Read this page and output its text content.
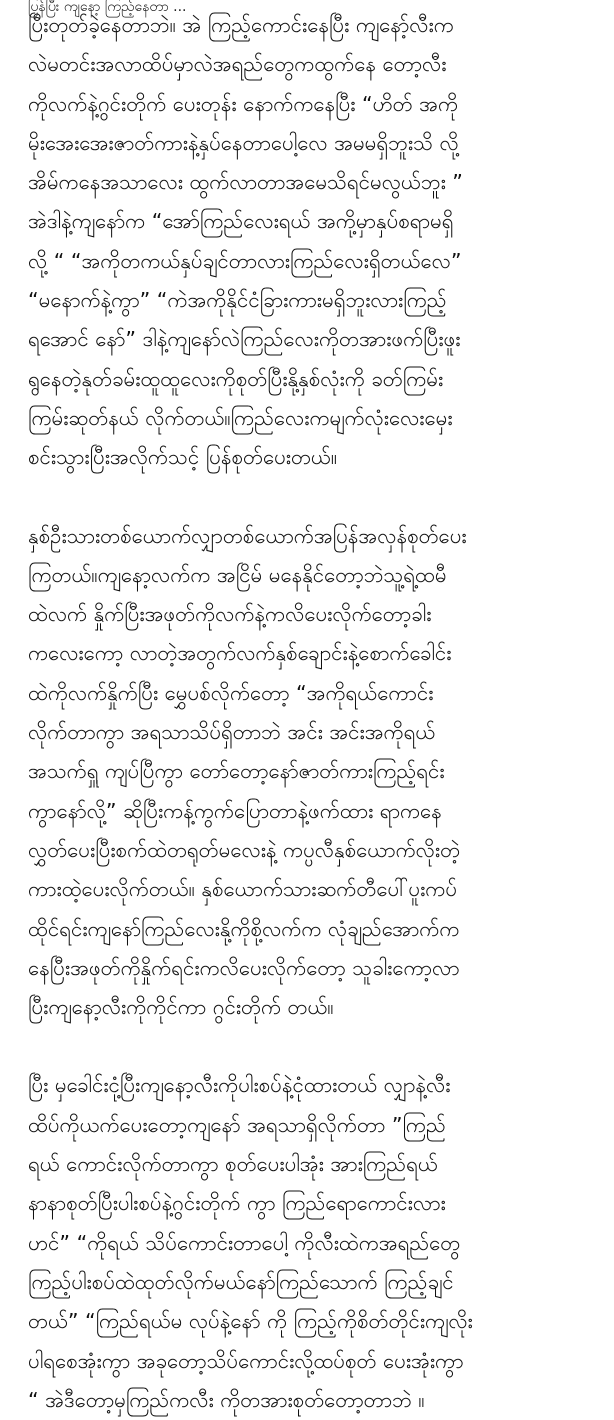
ပြန်ပြီး ကျနော့ ကြည့်နေတာ ...
ပြီးတုတ်ခဲ့နေတာဘဲ။ အဲ ကြည့်ကောင်းနေပြီး ကျနော့်လီးက
လဲမတင်းအလာထိပ်မှာလဲအရည်တွေကထွက်နေ တော့လီး
ကိုလက်နဲ့ဂွင်းတိုက် ပေးတုန်း နောက်ကနေပြီး “ဟိတ် အကို
မိုးအေးအေးဇာတ်ကားနဲ့နှပ်နေတာပေါ့လေ အမမရှိဘူးသိ လို့
အိမ်ကနေအသာလေး ထွက်လာတာအမေသိရင်မလွယ်ဘူး ”
အဲဒါနဲ့ကျနော်က “အော်ကြည်လေးရယ် အကို့မှာနှပ်စရာမရှိ
လို့ “ “အကိုတကယ်နှပ်ချင်တာလားကြည်လေးရှိတယ်လေ”
“မနောက်နဲ့ကွာ” “ကဲအကိုနိုင်ငံခြားကားမရှိဘူးလားကြည့်
ရအောင် နော်” ဒါနဲ့ကျနော်လဲကြည်လေးကိုတအားဖက်ပြီးဖူး
ရွနေတဲ့နုတ်ခမ်းထူထူလေးကိုစုတ်ပြီးနို့နှစ်လုံးကို ခတ်ကြမ်း
ကြမ်းဆုတ်နယ် လိုက်တယ်။ကြည်လေးကမျက်လုံးလေးမှေး
စင်းသွားပြီးအလိုက်သင့် ပြန်စုတ်ပေးတယ်။
နှစ်ဦးသားတစ်ယောက်လျှာတစ်ယောက်အပြန်အလှန်စုတ်ပေး
ကြတယ်။ကျနော့လက်က အငြိမ် မနေနိုင်တော့ဘဲသူ့ရဲ့ထမီ
ထဲလက် နှိုက်ပြီးအဖုတ်ကိုလက်နဲ့ကလိပေးလိုက်တော့ခါး
ကလေးကော့ လာတဲ့အတွက်လက်နှစ်ချောင်းနဲ့စောက်ခေါင်း
ထဲကိုလက်နှိုက်ပြီး မွှေပစ်လိုက်တော့ “အကိုရယ်ကောင်း
လိုက်တာကွာ အရသာသိပ်ရှိတာဘဲ အင်း အင်းအကိုရယ်
အသက်ရှူ ကျပ်ပြီကွာ တော်တော့နော်ဇာတ်ကားကြည့်ရင်း
ကွာနော်လို့” ဆိုပြီးကန့်ကွက်ပြောတာနဲ့ဖက်ထား ရာကနေ
လွှတ်ပေးပြီးစက်ထဲတရုတ်မလေးနဲ့ ကပ္ပလီနှစ်ယောက်လိုးတဲ့
ကားထဲ့ပေးလိုက်တယ်။ နှစ်ယောက်သားဆက်တီပေါ်ပူးကပ်
ထိုင်ရင်းကျနော်ကြည်လေးနို့ကိုစို့လက်က လုံချည်အောက်က
နေပြီးအဖုတ်ကိုနှိုက်ရင်းကလိပေးလိုက်တော့ သူခါးကော့လာ
ပြီးကျနော့လီးကိုကိုင်ကာ ဂွင်းတိုက် တယ်။
ပြီး မှခေါင်းငုံ့ပြီးကျနော့လီးကိုပါးစပ်နဲ့ငုံထားတယ် လျှာနဲ့လီး
ထိပ်ကိုယက်ပေးတော့ကျနော် အရသာရှိလိုက်တာ ”ကြည်
ရယ် ကောင်းလိုက်တာကွာ စုတ်ပေးပါအုံး အားကြည်ရယ်
နာနာစုတ်ပြီးပါးစပ်နဲ့ဂွင်းတိုက် ကွာ ကြည်ရောကောင်းလား
ဟင်” “ကိုရယ် သိပ်ကောင်းတာပေါ့ ကိုလီးထဲကအရည်တွေ
ကြည့်ပါးစပ်ထဲထုတ်လိုက်မယ်နော်ကြည်သောက် ကြည့်ချင်
တယ်” “ကြည်ရယ်မ လုပ်နဲ့နော် ကို ကြည့်ကိုစိတ်တိုင်းကျလိုး
ပါရစေအုံးကွာ အခုတော့သိပ်ကောင်းလို့ထပ်စုတ် ပေးအုံးကွာ
“ အဲဒီတော့မှကြည်ကလီး ကိုတအားစုတ်တော့တာဘဲ ။
